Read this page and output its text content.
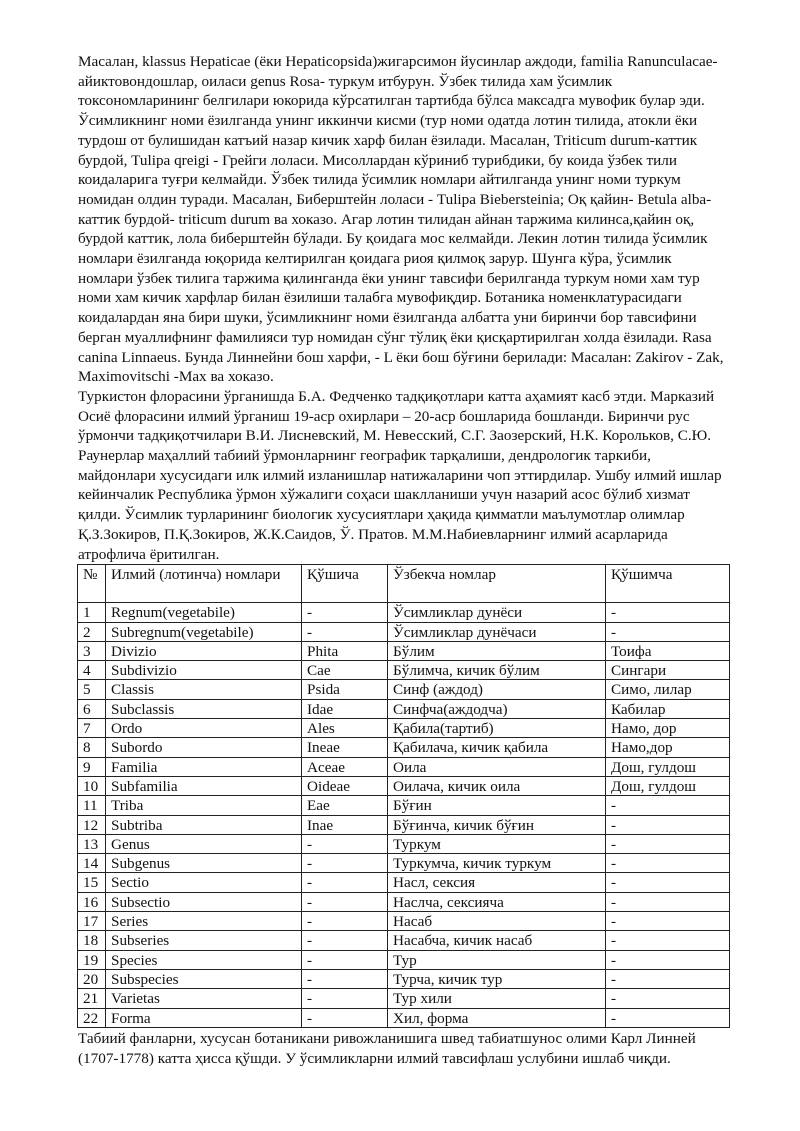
Масалан, klassus Hepaticae (ёки Hepaticopsida)жигарсимон йусинлар аждоди, familia Ranunculacae-айиктовондошлар, оиласи genus Rosa- туркум итбурун. Ўзбек тилида хам ўсимлик токсономларининг белгилари юкорида кўрсатилган тартибда бўлса максадга мувофик булар эди. Ўсимликнинг номи ёзилганда унинг иккинчи кисми (тур номи одатда лотин тилида, атокли ёки турдош от булишидан катъий назар кичик харф билан ёзилади. Масалан, Triticum durum-каттик бурдой, Tulipa qreigi - Грейги лоласи. Мисоллардан кўриниб турибдики, бу коида ўзбек тили коидаларига туғри келмайди. Ўзбек тилида ўсимлик номлари айтилганда унинг номи туркум номидан олдин туради. Масалан, Биберштейн лоласи - Tulipa Biebersteinia; Оқ қайин- Betula alba-каттик бурдой- triticum durum ва хоказо. Агар лотин тилидан айнан таржима килинса,қайин оқ, бурдой каттик, лола биберштейн бўлади. Бу қоидага мос келмайди. Лекин лотин тилида ўсимлик номлари ёзилганда юқорида келтирилган қоидага риоя қилмоқ зарур. Шунга кўра, ўсимлик номлари ўзбек тилига таржима қилинганда ёки унинг тавсифи берилганда туркум номи хам тур номи хам кичик харфлар билан ёзилиши талабга мувофиқдир. Ботаника номенклатурасидаги коидалардан яна бири шуки, ўсимликнинг номи ёзилганда албатта уни биринчи бор тавсифини берган муаллифнинг фамилияси тур номидан сўнг тўлиқ ёки қисқартирилган холда ёзилади. Rasa canina Linnaeus. Бунда Линнейни бош харфи, - L ёки бош бўғини берилади: Масалан: Zakirov - Zak, Maximovitschi -Max ва хоказо.

Туркистон флорасини ўрганишда Б.А. Федченко тадқиқотлари катта аҳамият касб этди. Марказий Осиё флорасини илмий ўрганиш 19-аср охирлари – 20-аср бошларида бошланди. Биринчи рус ўрмончи тадқиқотчилари В.И. Лисневский, М. Невесский, С.Г. Заозерский, Н.К. Корольков, С.Ю. Раунерлар маҳаллий табиий ўрмонларнинг географик тарқалиши, дендрологик таркиби, майдонлари хусусидаги илк илмий изланишлар натижаларини чоп эттирдилар. Ушбу илмий ишлар кейинчалик Республика ўрмон хўжалиги соҳаси шаклланиши учун назарий асос бўлиб хизмат қилди. Ўсимлик турларининг биологик хусусиятлари ҳақида қимматли маълумотлар олимлар Қ.З.Зокиров, П.Қ.Зокиров, Ж.К.Саидов, Ў. Пратов. М.М.Набиевларнинг илмий асарларида атрофлича ёритилган.

№	Илмий (лотинча) номлари	Қўшича	Ўзбекча номлар	Қўшимча
1	Regnum(vegetabile)	-	Ўсимликлар дунёси	-
2	Subregnum(vegetabile)	-	Ўсимликлар дунёчаси	-
3	Divizio	Phita	Бўлим	Тоифа
4	Subdivizio	Cae	Бўлимча, кичик бўлим	Сингари
5	Classis	Psida	Синф (аждод)	Симо, лилар
6	Subclassis	Idae	Синфча(аждодча)	Кабилар
7	Ordo	Ales	Қабила(тартиб)	Намо, дор
8	Subordo	Ineae	Қабилача, кичик қабила	Намо,дор
9	Familia	Aceae	Оила	Дош, гулдош
10	Subfamilia	Oideae	Оилача, кичик оила	Дош, гулдош
11	Triba	Eae	Бўғин	-
12	Subtriba	Inae	Бўғинча, кичик бўғин	-
13	Genus	-	Туркум	-
14	Subgenus	-	Туркумча, кичик туркум	-
15	Sectio	-	Насл, сексия	-
16	Subsectio	-	Наслча, сексияча	-
17	Series	-	Насаб	-
18	Subseries	-	Насабча, кичик насаб	-
19	Species	-	Тур	-
20	Subspecies	-	Турча, кичик тур	-
21	Varietas	-	Тур хили	-
22	Forma	-	Хил, форма	-

Табиий фанларни, хусусан ботаникани ривожланишига швед табиатшунос олими Карл Линней (1707-1778) катта ҳисса қўшди. У ўсимликларни илмий тавсифлаш услубини ишлаб чиқди.
